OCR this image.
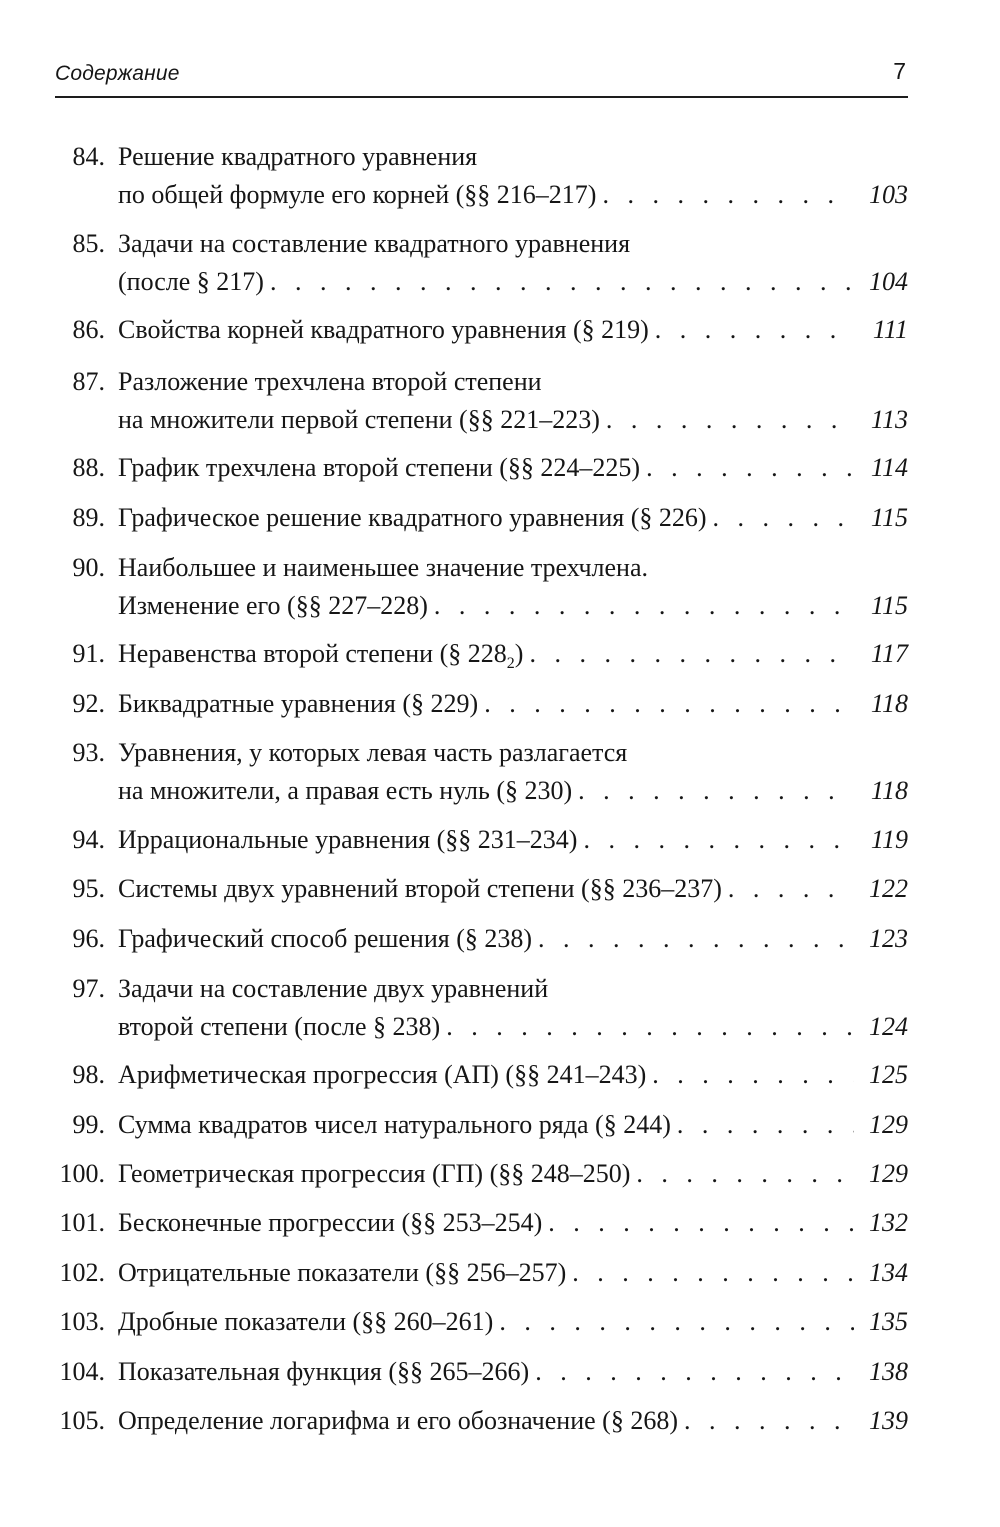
Содержание	7
84. Решение квадратного уравнения
по общей формуле его корней (§§ 216–217) . . .	103
85. Задачи на составление квадратного уравнения
(после § 217) . . .	104
86. Свойства корней квадратного уравнения (§ 219) . . .	111
87. Разложение трехчлена второй степени
на множители первой степени (§§ 221–223) . . .	113
88. График трехчлена второй степени (§§ 224–225) . . .	114
89. Графическое решение квадратного уравнения (§ 226) . . .	115
90. Наибольшее и наименьшее значение трехчлена.
Изменение его (§§ 227–228) . . .	115
91. Неравенства второй степени (§ $228_2$) . . .	117
92. Биквадратные уравнения (§ 229) . . .	118
93. Уравнения, у которых левая часть разлагается
на множители, а правая есть нуль (§ 230) . . .	118
94. Иррациональные уравнения (§§ 231–234) . . .	119
95. Системы двух уравнений второй степени (§§ 236–237) . . .	122
96. Графический способ решения (§ 238) . . .	123
97. Задачи на составление двух уравнений
второй степени (после § 238) . . .	124
98. Арифметическая прогрессия (АП) (§§ 241–243) . . .	125
99. Сумма квадратов чисел натурального ряда (§ 244) . . .	129
100. Геометрическая прогрессия (ГП) (§§ 248–250) . . .	129
101. Бесконечные прогрессии (§§ 253–254) . . .	132
102. Отрицательные показатели (§§ 256–257) . . .	134
103. Дробные показатели (§§ 260–261) . . .	135
104. Показательная функция (§§ 265–266) . . .	138
105. Определение логарифма и его обозначение (§ 268) . . .	139
